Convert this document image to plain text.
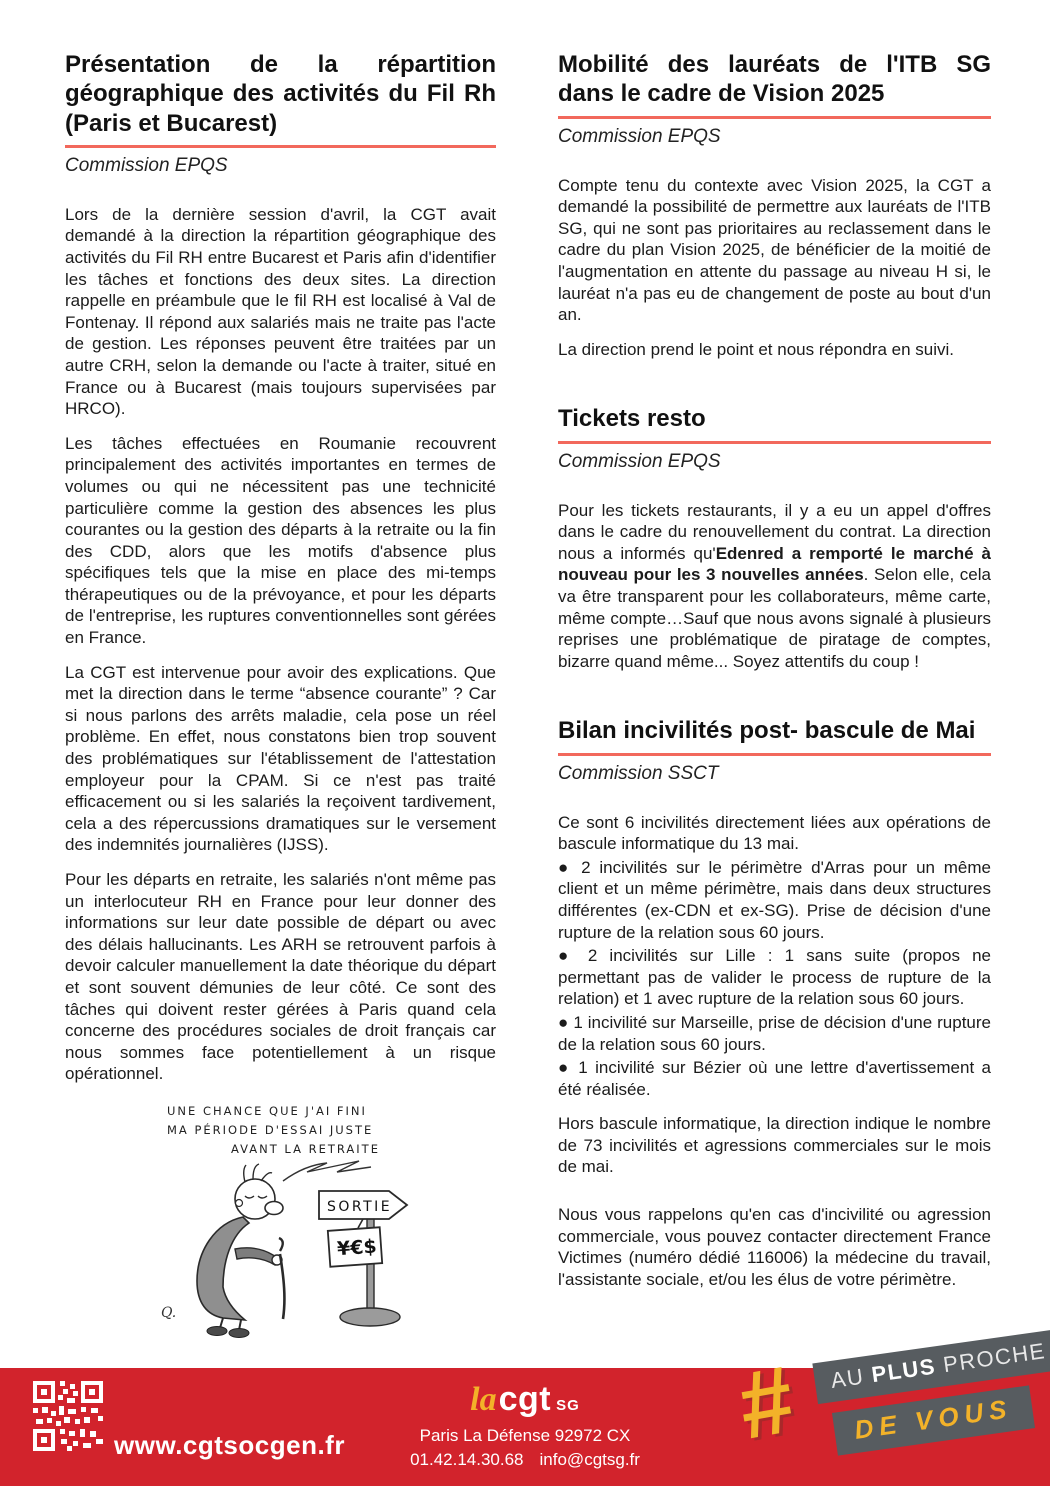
Présentation de la répartition géographique des activités du Fil Rh (Paris et Bucarest)
Commission EPQS

Lors de la dernière session d'avril, la CGT avait demandé à la direction la répartition géographique des activités du Fil RH entre Bucarest et Paris afin d'identifier les tâches et fonctions des deux sites. La direction rappelle en préambule que le fil RH est localisé à Val de Fontenay. Il répond aux salariés mais ne traite pas l'acte de gestion. Les réponses peuvent être traitées par un autre CRH, selon la demande ou l'acte à traiter, situé en France ou à Bucarest (mais toujours supervisées par HRCO).

Les tâches effectuées en Roumanie recouvrent principalement des activités importantes en termes de volumes ou qui ne nécessitent pas une technicité particulière comme la gestion des absences les plus courantes ou la gestion des départs à la retraite ou la fin des CDD, alors que les motifs d'absence plus spécifiques tels que la mise en place des mi-temps thérapeutiques ou de la prévoyance, et pour les départs de l'entreprise, les ruptures conventionnelles sont gérées en France.

La CGT est intervenue pour avoir des explications. Que met la direction dans le terme “absence courante” ? Car si nous parlons des arrêts maladie, cela pose un réel problème. En effet, nous constatons bien trop souvent des problématiques sur l'établissement de l'attestation employeur pour la CPAM. Si ce n'est pas traité efficacement ou si les salariés la reçoivent tardivement, cela a des répercussions dramatiques sur le versement des indemnités journalières (IJSS).

Pour les départs en retraite, les salariés n'ont même pas un interlocuteur RH en France pour leur donner des informations sur leur date possible de départ ou avec des délais hallucinants. Les ARH se retrouvent parfois à devoir calculer manuellement la date théorique du départ et sont souvent démunies de leur côté. Ce sont des tâches qui doivent rester gérées à Paris quand cela concerne des procédures sociales de droit français car nous sommes face potentiellement à un risque opérationnel.

UNE CHANCE QUE J'AI FINI
MA PÉRIODE D'ESSAI JUSTE
AVANT LA RETRAITE
SORTIE
¥€$
Q.
Mobilité des lauréats de l'ITB SG dans le cadre de Vision 2025
Commission EPQS

Compte tenu du contexte avec Vision 2025, la CGT a demandé la possibilité de permettre aux lauréats de l'ITB SG, qui ne sont pas prioritaires au reclassement dans le cadre du plan Vision 2025, de bénéficier de la moitié de l'augmentation en attente du passage au niveau H si, le lauréat n'a pas eu de changement de poste au bout d'un an.

La direction prend le point et nous répondra en suivi.

Tickets resto
Commission EPQS

Pour les tickets restaurants, il y a eu un appel d'offres dans le cadre du renouvellement du contrat. La direction nous a informés qu'Edenred a remporté le marché à nouveau pour les 3 nouvelles années. Selon elle, cela va être transparent pour les collaborateurs, même carte, même compte…Sauf que nous avons signalé à plusieurs reprises une problématique de piratage de comptes, bizarre quand même... Soyez attentifs du coup !

Bilan incivilités post- bascule de Mai
Commission SSCT

Ce sont 6 incivilités directement liées aux opérations de bascule informatique du 13 mai.

● 2 incivilités sur le périmètre d'Arras pour un même client et un même périmètre, mais dans deux structures différentes (ex-CDN et ex-SG). Prise de décision d'une rupture de la relation sous 60 jours.

● 2 incivilités sur Lille : 1 sans suite (propos ne permettant pas de valider le process de rupture de la relation) et 1 avec rupture de la relation sous 60 jours.

● 1 incivilité sur Marseille, prise de décision d'une rupture de la relation sous 60 jours.

● 1 incivilité sur Bézier où une lettre d'avertissement a été réalisée.

Hors bascule informatique, la direction indique le nombre de 73 incivilités et agressions commerciales sur le mois de mai.

Nous vous rappelons qu'en cas d'incivilité ou agression commerciale, vous pouvez contacter directement France Victimes (numéro dédié 116006) la médecine du travail, l'assistante sociale, et/ou les élus de votre périmètre.

www.cgtsocgen.fr
lacgt SG
Paris La Défense 92972 CX
01.42.14.30.68 info@cgtsg.fr #	AU PLUS PROCHE
DE VOUS
